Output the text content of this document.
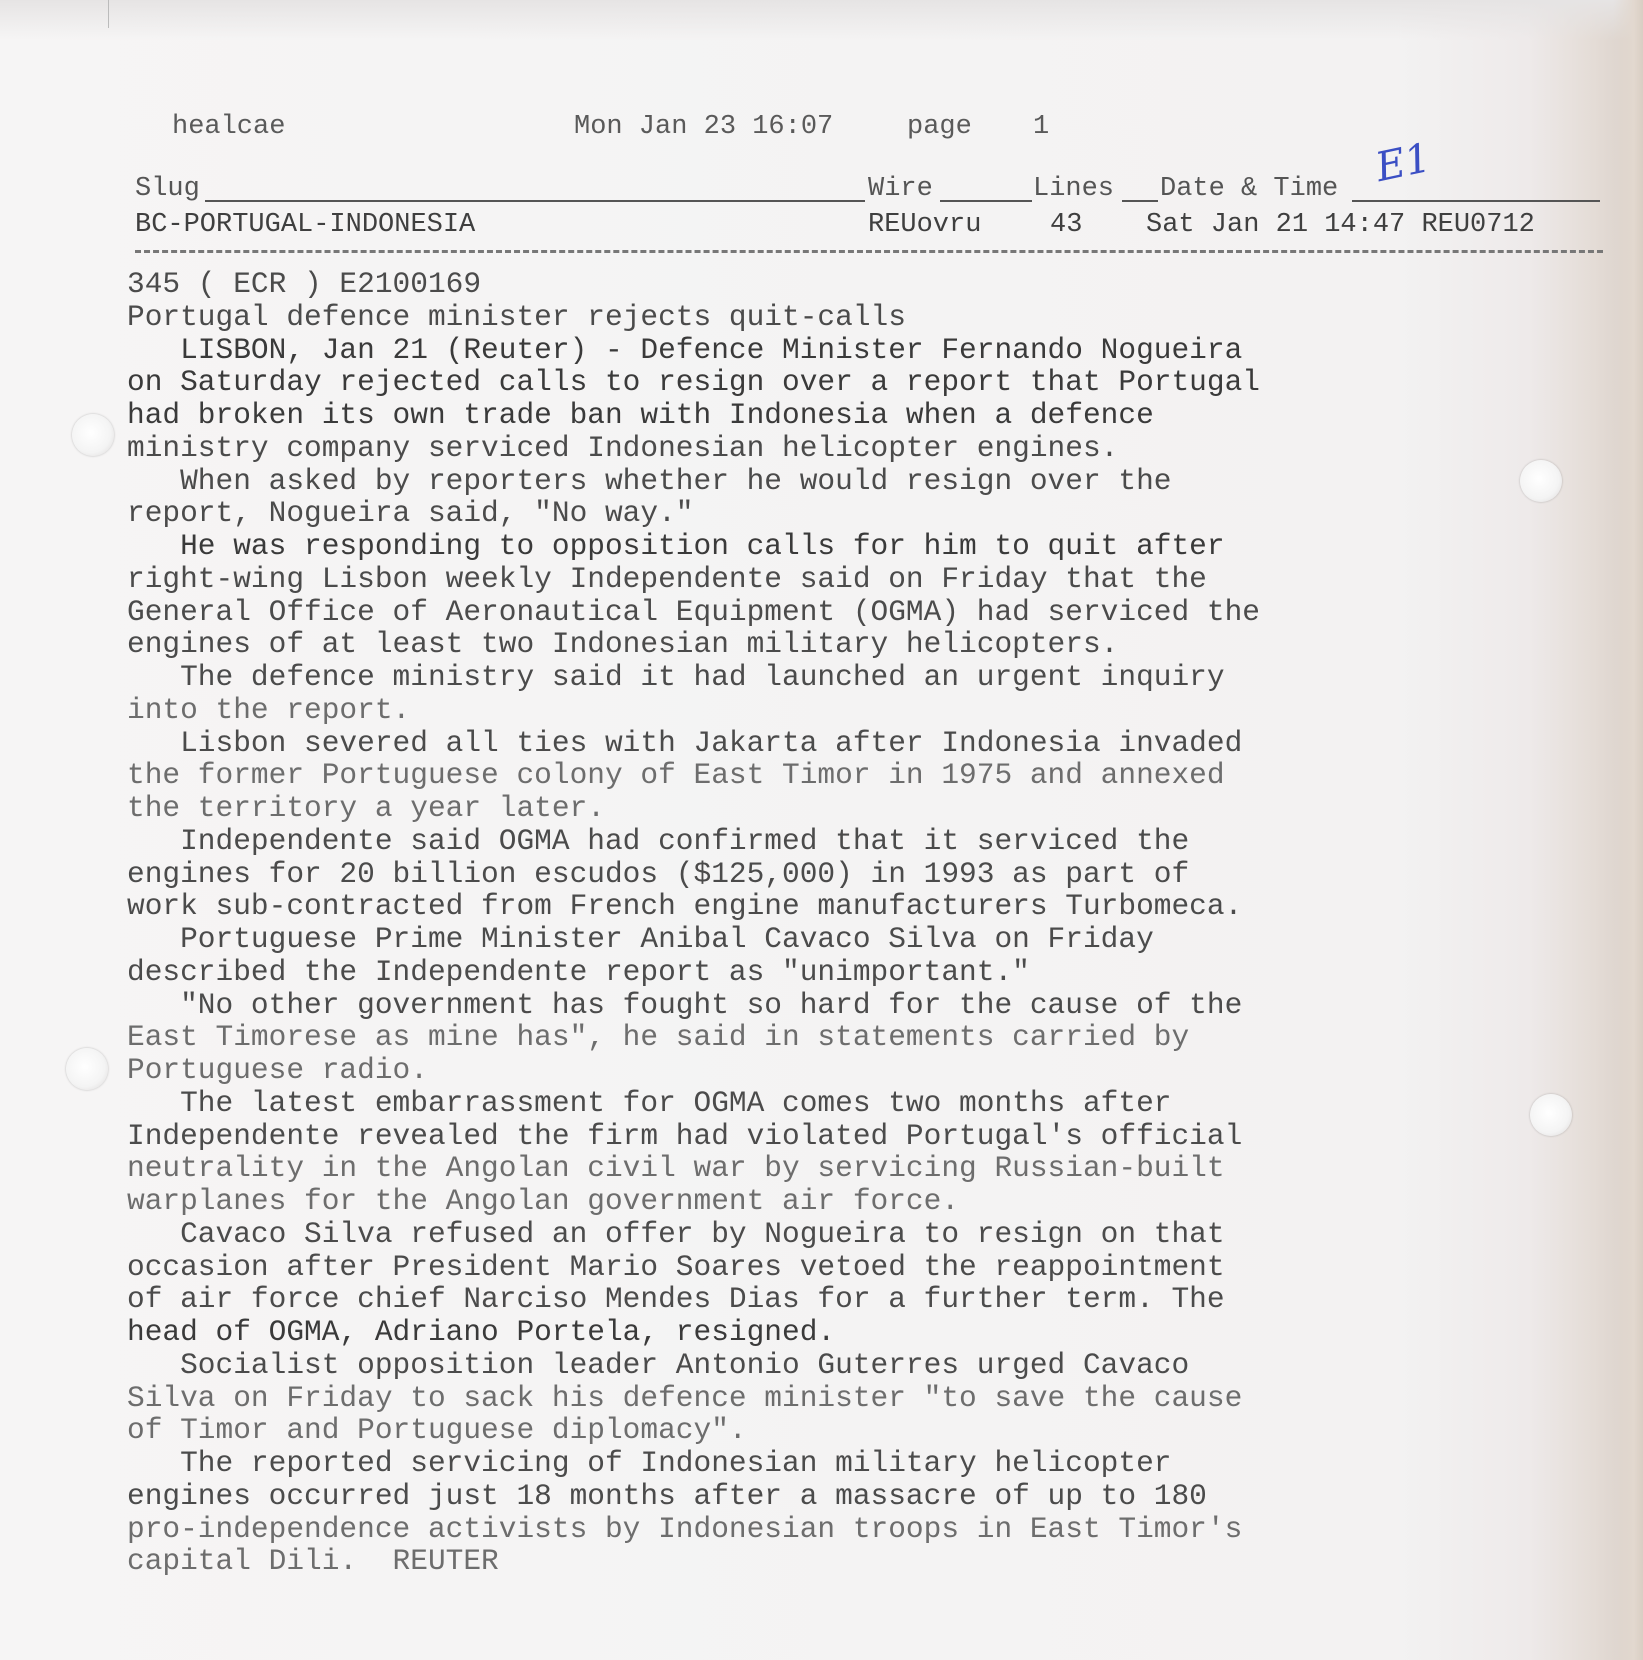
healcae	Mon Jan 23 16:07	page 1
Slug	Wire	Lines Date & Time E1
BC-PORTUGAL-INDONESIA	REUovru	43 Sat Jan 21 14:47 REU0712
345 ( ECR ) E2100169
Portugal defence minister rejects quit-calls
LISBON, Jan 21 (Reuter) - Defence Minister Fernando Nogueira
on Saturday rejected calls to resign over a report that Portugal
had broken its own trade ban with Indonesia when a defence
ministry company serviced Indonesian helicopter engines.
When asked by reporters whether he would resign over the
report, Nogueira said, "No way."
He was responding to opposition calls for him to quit after
right-wing Lisbon weekly Independente said on Friday that the
General Office of Aeronautical Equipment (OGMA) had serviced the
engines of at least two Indonesian military helicopters.
The defence ministry said it had launched an urgent inquiry
into the report.
Lisbon severed all ties with Jakarta after Indonesia invaded
the former Portuguese colony of East Timor in 1975 and annexed
the territory a year later.
Independente said OGMA had confirmed that it serviced the
engines for 20 billion escudos ($125,000) in 1993 as part of
work sub-contracted from French engine manufacturers Turbomeca.
Portuguese Prime Minister Anibal Cavaco Silva on Friday
described the Independente report as "unimportant."
"No other government has fought so hard for the cause of the
East Timorese as mine has", he said in statements carried by
Portuguese radio.
The latest embarrassment for OGMA comes two months after
Independente revealed the firm had violated Portugal's official
neutrality in the Angolan civil war by servicing Russian-built
warplanes for the Angolan government air force.
Cavaco Silva refused an offer by Nogueira to resign on that
occasion after President Mario Soares vetoed the reappointment
of air force chief Narciso Mendes Dias for a further term. The
head of OGMA, Adriano Portela, resigned.
Socialist opposition leader Antonio Guterres urged Cavaco
Silva on Friday to sack his defence minister "to save the cause
of Timor and Portuguese diplomacy".
The reported servicing of Indonesian military helicopter
engines occurred just 18 months after a massacre of up to 180
pro-independence activists by Indonesian troops in East Timor's
capital Dili.  REUTER
